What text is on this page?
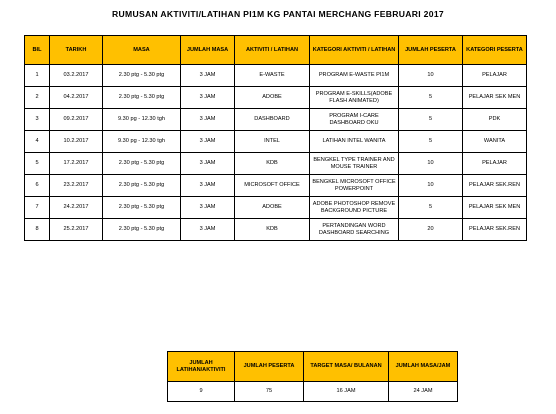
RUMUSAN AKTIVITI/LATIHAN PI1M KG PANTAI MERCHANG FEBRUARI 2017
BIL	TARIKH	MASA	JUMLAH MASA	AKTIVITI / LATIHAN	KATEGORI AKTIVITI / LATIHAN	JUMLAH PESERTA	KATEGORI PESERTA
1	03.2.2017	2.30 ptg - 5.30 ptg	3 JAM	E-WASTE	PROGRAM E-WASTE PI1M	10	PELAJAR
2	04.2.2017	2.30 ptg - 5.30 ptg	3 JAM	ADOBE	PROGRAM E-SKILLS(ADOBE FLASH ANIMATED)	5	PELAJAR SEK MEN
3	09.2.2017	9.30 pg - 12.30 tgh	3 JAM	DASHBOARD	PROGRAM I-CARE DASHBOARD OKU	5	PDK
4	10.2.2017	9.30 pg - 12.30 tgh	3 JAM	INTEL	LATIHAN INTEL WANITA	5	WANITA
5	17.2.2017	2.30 ptg - 5.30 ptg	3 JAM	KDB	BENGKEL TYPE TRAINER AND MOUSE TRAINER	10	PELAJAR
6	23.2.2017	2.30 ptg - 5.30 ptg	3 JAM	MICROSOFT OFFICE	BENGKEL MICROSOFT OFFICE POWERPOINT	10	PELAJAR SEK.REN
7	24.2.2017	2.30 ptg - 5.30 ptg	3 JAM	ADOBE	ADOBE PHOTOSHOP REMOVE BACKGROUND PICTURE	5	PELAJAR SEK MEN
8	25.2.2017	2.30 ptg - 5.30 ptg	3 JAM	KDB	PERTANDINGAN WORD DASHBOARD SEARCHING	20	PELAJAR SEK.REN
JUMLAH LATIHAN/AKTIVITI	JUMLAH PESERTA	TARGET MASA/ BULANAN	JUMLAH MASA/JAM
9	75	16 JAM	24 JAM
